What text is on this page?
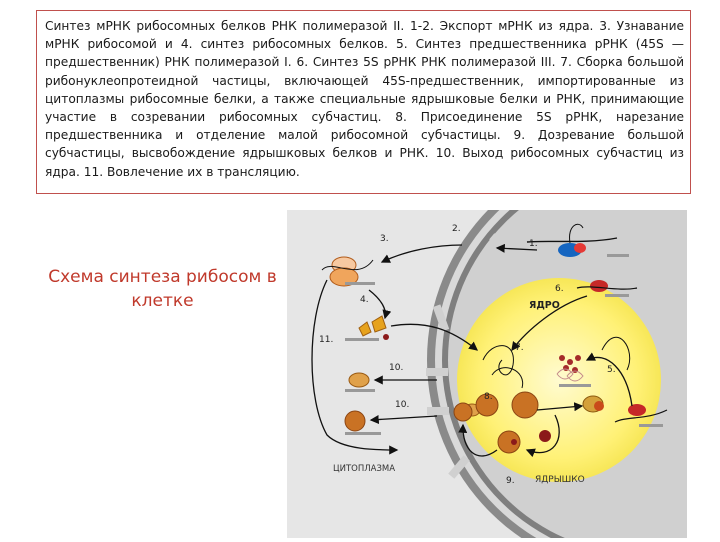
Синтез мРНК рибосомных белков РНК полимеразой II. 1-2. Экспорт мРНК из ядра. 3. Узнавание мРНК рибосомой и 4. синтез рибосомных белков. 5. Синтез предшественника рРНК (45S — предшественник) РНК полимеразой I. 6. Синтез 5S рРНК РНК полимеразой III. 7. Сборка большой рибонуклеопротеидной частицы, включающей 45S-предшественник, импортированные из цитоплазмы рибосомные белки, а также специальные ядрышковые белки и РНК, принимающие участие в созревании рибосомных субчастиц. 8. Присоединение 5S рРНК, нарезание предшественника и отделение малой рибосомной субчастицы. 9. Дозревание большой субчастицы, высвобождение ядрышковых белков и РНК. 10. Выход рибосомных субчастиц из ядра. 11. Вовлечение их в трансляцию.

Схема синтеза рибосом в клетке
2.
3.	1.
6.
4.
11.
7.
10.
10.
5.
8.
9.
ЯДРО
ЯДРЫШКО
ЦИТОПЛАЗМА
